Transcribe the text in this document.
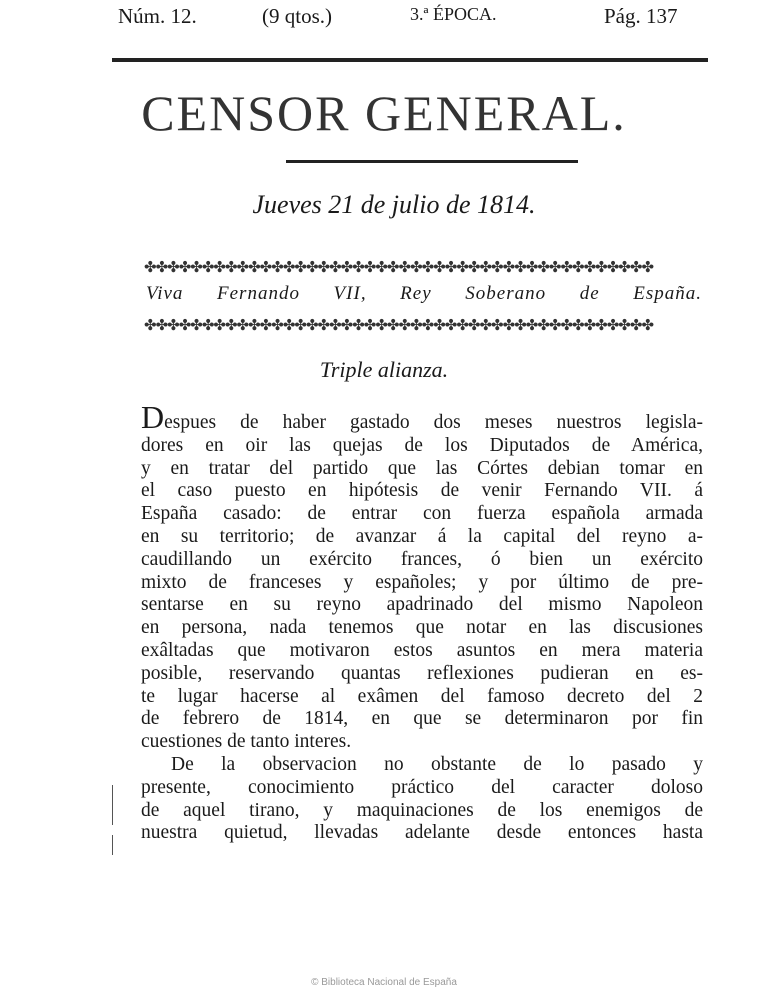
Núm. 12.	(9 qtos.)	3.ª ÉPOCA.	Pág. 137
CENSOR GENERAL.
Jueves 21 de julio de 1814.
✤✤✤✤✤✤✤✤✤✤✤✤✤✤✤✤✤✤✤✤✤✤✤✤✤✤✤✤✤✤✤✤✤✤✤✤✤✤✤✤✤✤✤✤
Viva Fernando VII, Rey Soberano de España.
✤✤✤✤✤✤✤✤✤✤✤✤✤✤✤✤✤✤✤✤✤✤✤✤✤✤✤✤✤✤✤✤✤✤✤✤✤✤✤✤✤✤✤✤
Triple alianza.
Despues de haber gastado dos meses nuestros legisla-
dores en oir las quejas de los Diputados de América,
y en tratar del partido que las Córtes debian tomar en
el caso puesto en hipótesis de venir Fernando VII. á
España casado: de entrar con fuerza española armada
en su territorio; de avanzar á la capital del reyno a-
caudillando un exército frances, ó bien un exército
mixto de franceses y españoles; y por último de pre-
sentarse en su reyno apadrinado del mismo Napoleon
en persona, nada tenemos que notar en las discusiones
exâltadas que motivaron estos asuntos en mera materia
posible, reservando quantas reflexiones pudieran en es-
te lugar hacerse al exâmen del famoso decreto del 2
de febrero de 1814, en que se determinaron por fin
cuestiones de tanto interes.
De la observacion no obstante de lo pasado y
presente, conocimiento práctico del caracter doloso
de aquel tirano, y maquinaciones de los enemigos de
nuestra quietud, llevadas adelante desde entonces hasta
© Biblioteca Nacional de España
